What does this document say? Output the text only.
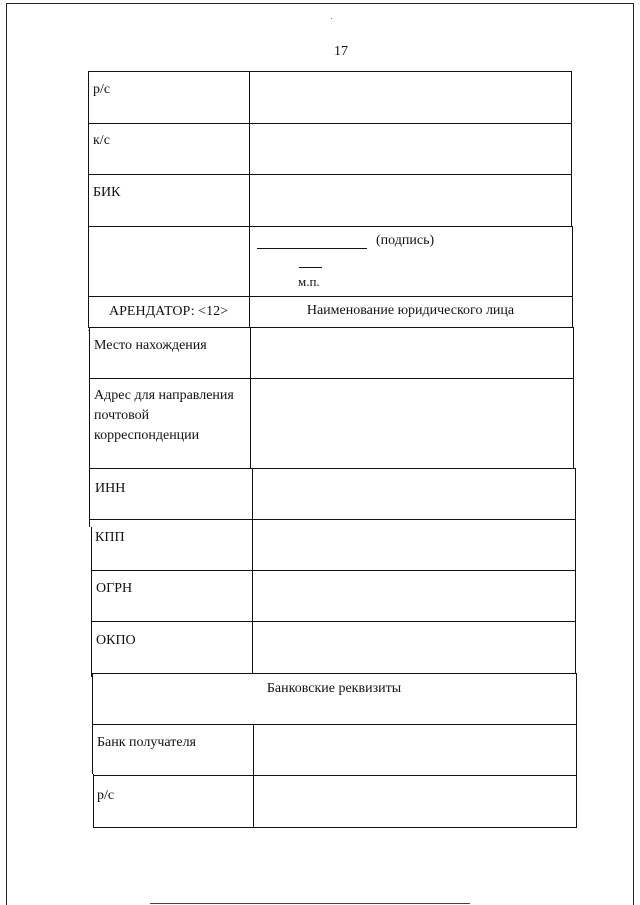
17
р/с
к/с
БИК
(подпись)
м.п.
АРЕНДАТОР: <12>	Наименование юридического лица
Место нахождения
Адрес для направления
почтовой
корреспонденции
ИНН
КПП
ОГРН
ОКПО
Банковские реквизиты
Банк получателя
р/с
